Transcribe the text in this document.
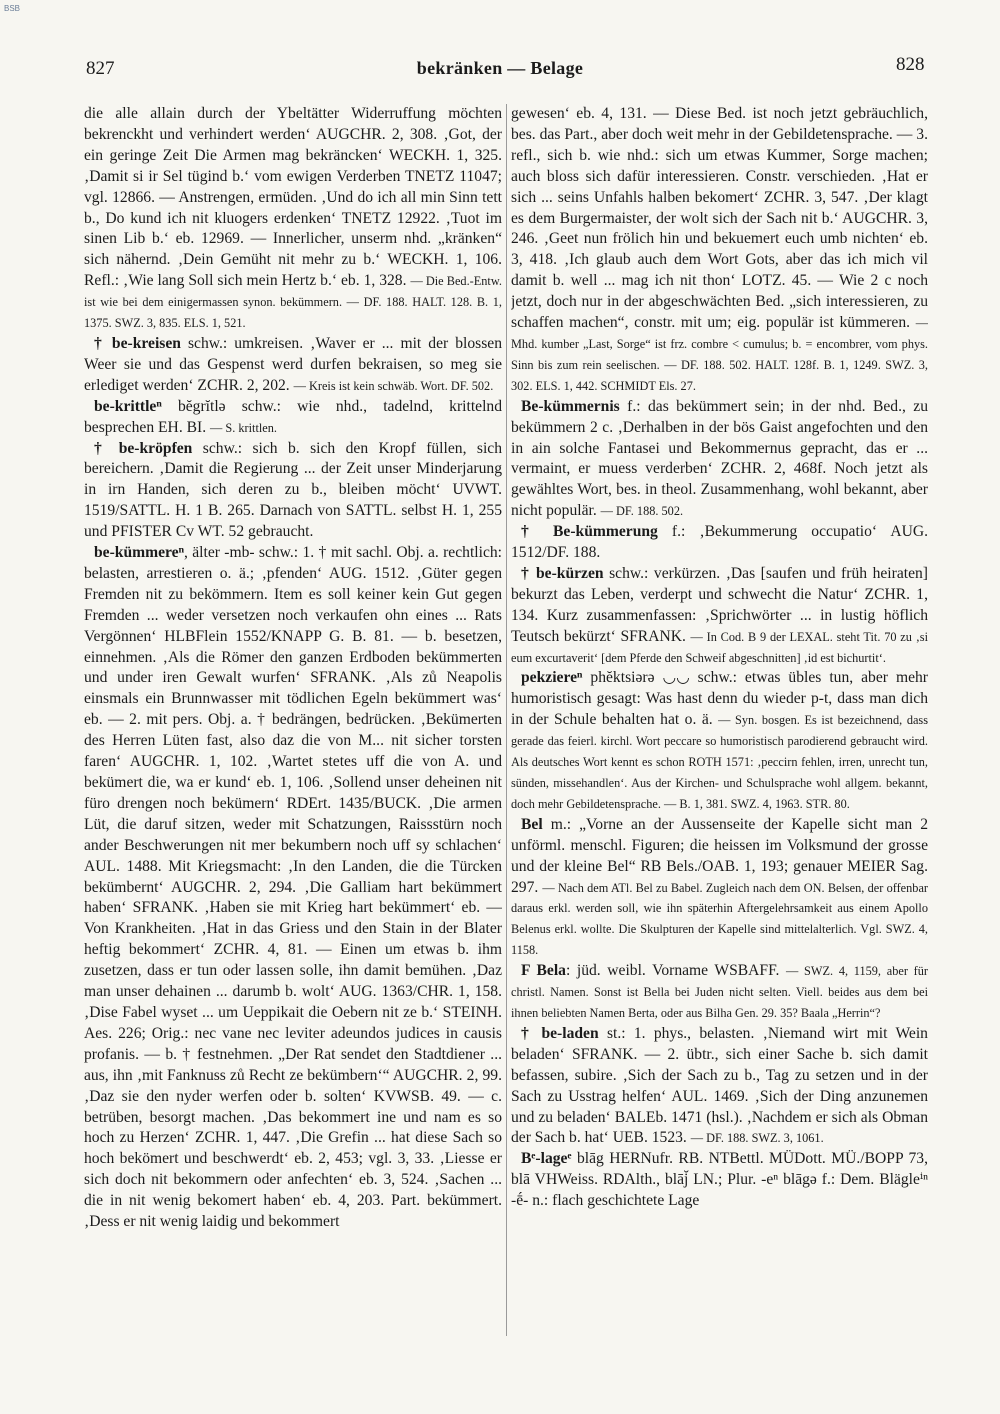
BSB
827	bekränken — Belage	828

die alle allain durch der Ybeltätter Widerruffung möchten bekrenckht und verhindert werden‘ AUGCHR. 2, 308. ‚Got, der ein geringe Zeit Die Armen mag bekräncken‘ WECKH. 1, 325. ‚Damit si ir Sel tügind b.‘ vom ewigen Verderben TNETZ 11047; vgl. 12866. — Anstrengen, ermüden. ‚Und do ich all min Sinn tett b., Do kund ich nit kluogers erdenken‘ TNETZ 12922. ‚Tuot im sinen Lib b.‘ eb. 12969. — Innerlicher, unserm nhd. „kränken“ sich nähernd. ‚Dein Gemüht nit mehr zu b.‘ WECKH. 1, 106. Refl.: ‚Wie lang Soll sich mein Hertz b.‘ eb. 1, 328. — Die Bed.-Entw. ist wie bei dem einigermassen synon. bekümmern. — DF. 188. HALT. 128. B. 1, 1375. SWZ. 3, 835. ELS. 1, 521.

† be-kreisen schw.: umkreisen. ‚Waver er ... mit der blossen Weer sie und das Gespenst werd durfen bekraisen, so meg sie erlediget werden‘ ZCHR. 2, 202. — Kreis ist kein schwäb. Wort. DF. 502.

be-krittleⁿ bĕgrĭtlə schw.: wie nhd., tadelnd, krittelnd besprechen EH. BI. — S. krittlen.

† be-kröpfen schw.: sich b. sich den Kropf füllen, sich bereichern. ‚Damit die Regierung ... der Zeit unser Minderjarung in irn Handen, sich deren zu b., bleiben möcht‘ UVWT. 1519/SATTL. H. 1 B. 265. Darnach von SATTL. selbst H. 1, 255 und PFISTER Cv WT. 52 gebraucht.

be-kümmereⁿ, älter -mb- schw.: 1. † mit sachl. Obj. a. rechtlich: belasten, arrestieren o. ä.; ‚pfenden‘ AUG. 1512. ‚Güter gegen Fremden nit zu bekömmern. Item es soll keiner kein Gut gegen Fremden ... weder versetzen noch verkaufen ohn eines ... Rats Vergönnen‘ HLBFlein 1552/KNAPP G. B. 81. — b. besetzen, einnehmen. ‚Als die Römer den ganzen Erdboden bekümmerten und under iren Gewalt wurfen‘ SFRANK. ‚Als zů Neapolis einsmals ein Brunnwasser mit tödlichen Egeln bekümmert was‘ eb. — 2. mit pers. Obj. a. † bedrängen, bedrücken. ‚Bekümerten des Herren Lüten fast, also daz die von M... nit sicher torsten faren‘ AUGCHR. 1, 102. ‚Wartet stetes uff die von A. und bekümert die, wa er kund‘ eb. 1, 106. ‚Sollend unser deheinen nit füro drengen noch bekümern‘ RDErt. 1435/BUCK. ‚Die armen Lüt, die daruf sitzen, weder mit Schatzungen, Raissstürn noch ander Beschwerungen nit mer bekumbern noch uff sy schlachen‘ AUL. 1488. Mit Kriegsmacht: ‚In den Landen, die die Türcken bekümbernt‘ AUGCHR. 2, 294. ‚Die Galliam hart bekümmert haben‘ SFRANK. ‚Haben sie mit Krieg hart bekümmert‘ eb. — Von Krankheiten. ‚Hat in das Griess und den Stain in der Blater heftig bekommert‘ ZCHR. 4, 81. — Einen um etwas b. ihm zusetzen, dass er tun oder lassen solle, ihn damit bemühen. ‚Daz man unser dehainen ... darumb b. wolt‘ AUG. 1363/CHR. 1, 158. ‚Dise Fabel wyset ... um Ueppikait die Oebern nit ze b.‘ STEINH. Aes. 226; Orig.: nec vane nec leviter adeundos judices in causis profanis. — b. † festnehmen. „Der Rat sendet den Stadtdiener ... aus, ihn ‚mit Fanknuss zů Recht ze bekümbern‘“ AUGCHR. 2, 99. ‚Daz sie den nyder werfen oder b. solten‘ KVWSB. 49. — c. betrüben, besorgt machen. ‚Das bekommert ine und nam es so hoch zu Herzen‘ ZCHR. 1, 447. ‚Die Grefin ... hat diese Sach so hoch bekömert und beschwerdt‘ eb. 2, 453; vgl. 3, 33. ‚Liesse er sich doch nit bekommern oder anfechten‘ eb. 3, 524. ‚Sachen ... die in nit wenig bekomert haben‘ eb. 4, 203. Part. bekümmert. ‚Dess er nit wenig laidig und bekommert

gewesen‘ eb. 4, 131. — Diese Bed. ist noch jetzt gebräuchlich, bes. das Part., aber doch weit mehr in der Gebildetensprache. — 3. refl., sich b. wie nhd.: sich um etwas Kummer, Sorge machen; auch bloss sich dafür interessieren. Constr. verschieden. ‚Hat er sich ... seins Unfahls halben bekomert‘ ZCHR. 3, 547. ‚Der klagt es dem Burgermaister, der wolt sich der Sach nit b.‘ AUGCHR. 3, 246. ‚Geet nun frölich hin und bekuemert euch umb nichten‘ eb. 3, 418. ‚Ich glaub auch dem Wort Gots, aber das ich mich vil damit b. well ... mag ich nit thon‘ LOTZ. 45. — Wie 2 c noch jetzt, doch nur in der abgeschwächten Bed. „sich interessieren, zu schaffen machen“, constr. mit um; eig. populär ist kümmeren. — Mhd. kumber „Last, Sorge“ ist frz. combre < cumulus; b. = encombrer, vom phys. Sinn bis zum rein seelischen. — DF. 188. 502. HALT. 128f. B. 1, 1249. SWZ. 3, 302. ELS. 1, 442. SCHMIDT Els. 27.

Be-kümmernis f.: das bekümmert sein; in der nhd. Bed., zu bekümmern 2 c. ‚Derhalben in der bös Gaist angefochten und den in ain solche Fantasei und Bekommernus gepracht, das er ... vermaint, er muess verderben‘ ZCHR. 2, 468f. Noch jetzt als gewähltes Wort, bes. in theol. Zusammenhang, wohl bekannt, aber nicht populär. — DF. 188. 502.

† Be-kümmerung f.: ‚Bekummerung occupatio‘ AUG. 1512/DF. 188.

† be-kürzen schw.: verkürzen. ‚Das [saufen und früh heiraten] bekurzt das Leben, verderpt und schwecht die Natur‘ ZCHR. 1, 134. Kurz zusammenfassen: ‚Sprichwörter ... in lustig höflich Teutsch bekürzt‘ SFRANK. — In Cod. B 9 der LEXAL. steht Tit. 70 zu ‚si eum excurtaverit‘ [dem Pferde den Schweif abgeschnitten] ‚id est bichurtit‘.

pekziereⁿ phĕktsiərə ◡◡ schw.: etwas übles tun, aber mehr humoristisch gesagt: Was hast denn du wieder p-t, dass man dich in der Schule behalten hat o. ä. — Syn. bosgen. Es ist bezeichnend, dass gerade das feierl. kirchl. Wort peccare so humoristisch parodierend gebraucht wird. Als deutsches Wort kennt es schon ROTH 1571: ‚peccirn fehlen, irren, unrecht tun, sünden, missehandlen‘. Aus der Kirchen- und Schulsprache wohl allgem. bekannt, doch mehr Gebildetensprache. — B. 1, 381. SWZ. 4, 1963. STR. 80.

Bel m.: „Vorne an der Aussenseite der Kapelle sicht man 2 unförml. menschl. Figuren; die heissen im Volksmund der grosse und der kleine Bel“ RB Bels./OAB. 1, 193; genauer MEIER Sag. 297. — Nach dem ATl. Bel zu Babel. Zugleich nach dem ON. Belsen, der offenbar daraus erkl. werden soll, wie ihn späterhin Aftergelehrsamkeit aus einem Apollo Belenus erkl. wollte. Die Skulpturen der Kapelle sind mittelalterlich. Vgl. SWZ. 4, 1158.

F Bela: jüd. weibl. Vorname WSBAFF. — SWZ. 4, 1159, aber für christl. Namen. Sonst ist Bella bei Juden nicht selten. Viell. beides aus dem bei ihnen beliebten Namen Berta, oder aus Bilha Gen. 29. 35? Baala „Herrin“?

† be-laden st.: 1. phys., belasten. ‚Niemand wirt mit Wein beladen‘ SFRANK. — 2. übtr., sich einer Sache b. sich damit befassen, subire. ‚Sich der Sach zu b., Tag zu setzen und in der Sach zu Usstrag helfen‘ AUL. 1469. ‚Sich der Ding anzunemen und zu beladen‘ BALEb. 1471 (hsl.). ‚Nachdem er sich als Obman der Sach b. hat‘ UEB. 1523. — DF. 188. SWZ. 3, 1061.

Bᵉ-lageᵉ blāg HERNufr. RB. NTBettl. MÜDott. MÜ./BOPP 73, blā VHWeiss. RDAlth., blāj̆ LN.; Plur. -eⁿ blāgə f.: Dem. Blägleⁱⁿ -ḗ- n.: flach geschichtete Lage
